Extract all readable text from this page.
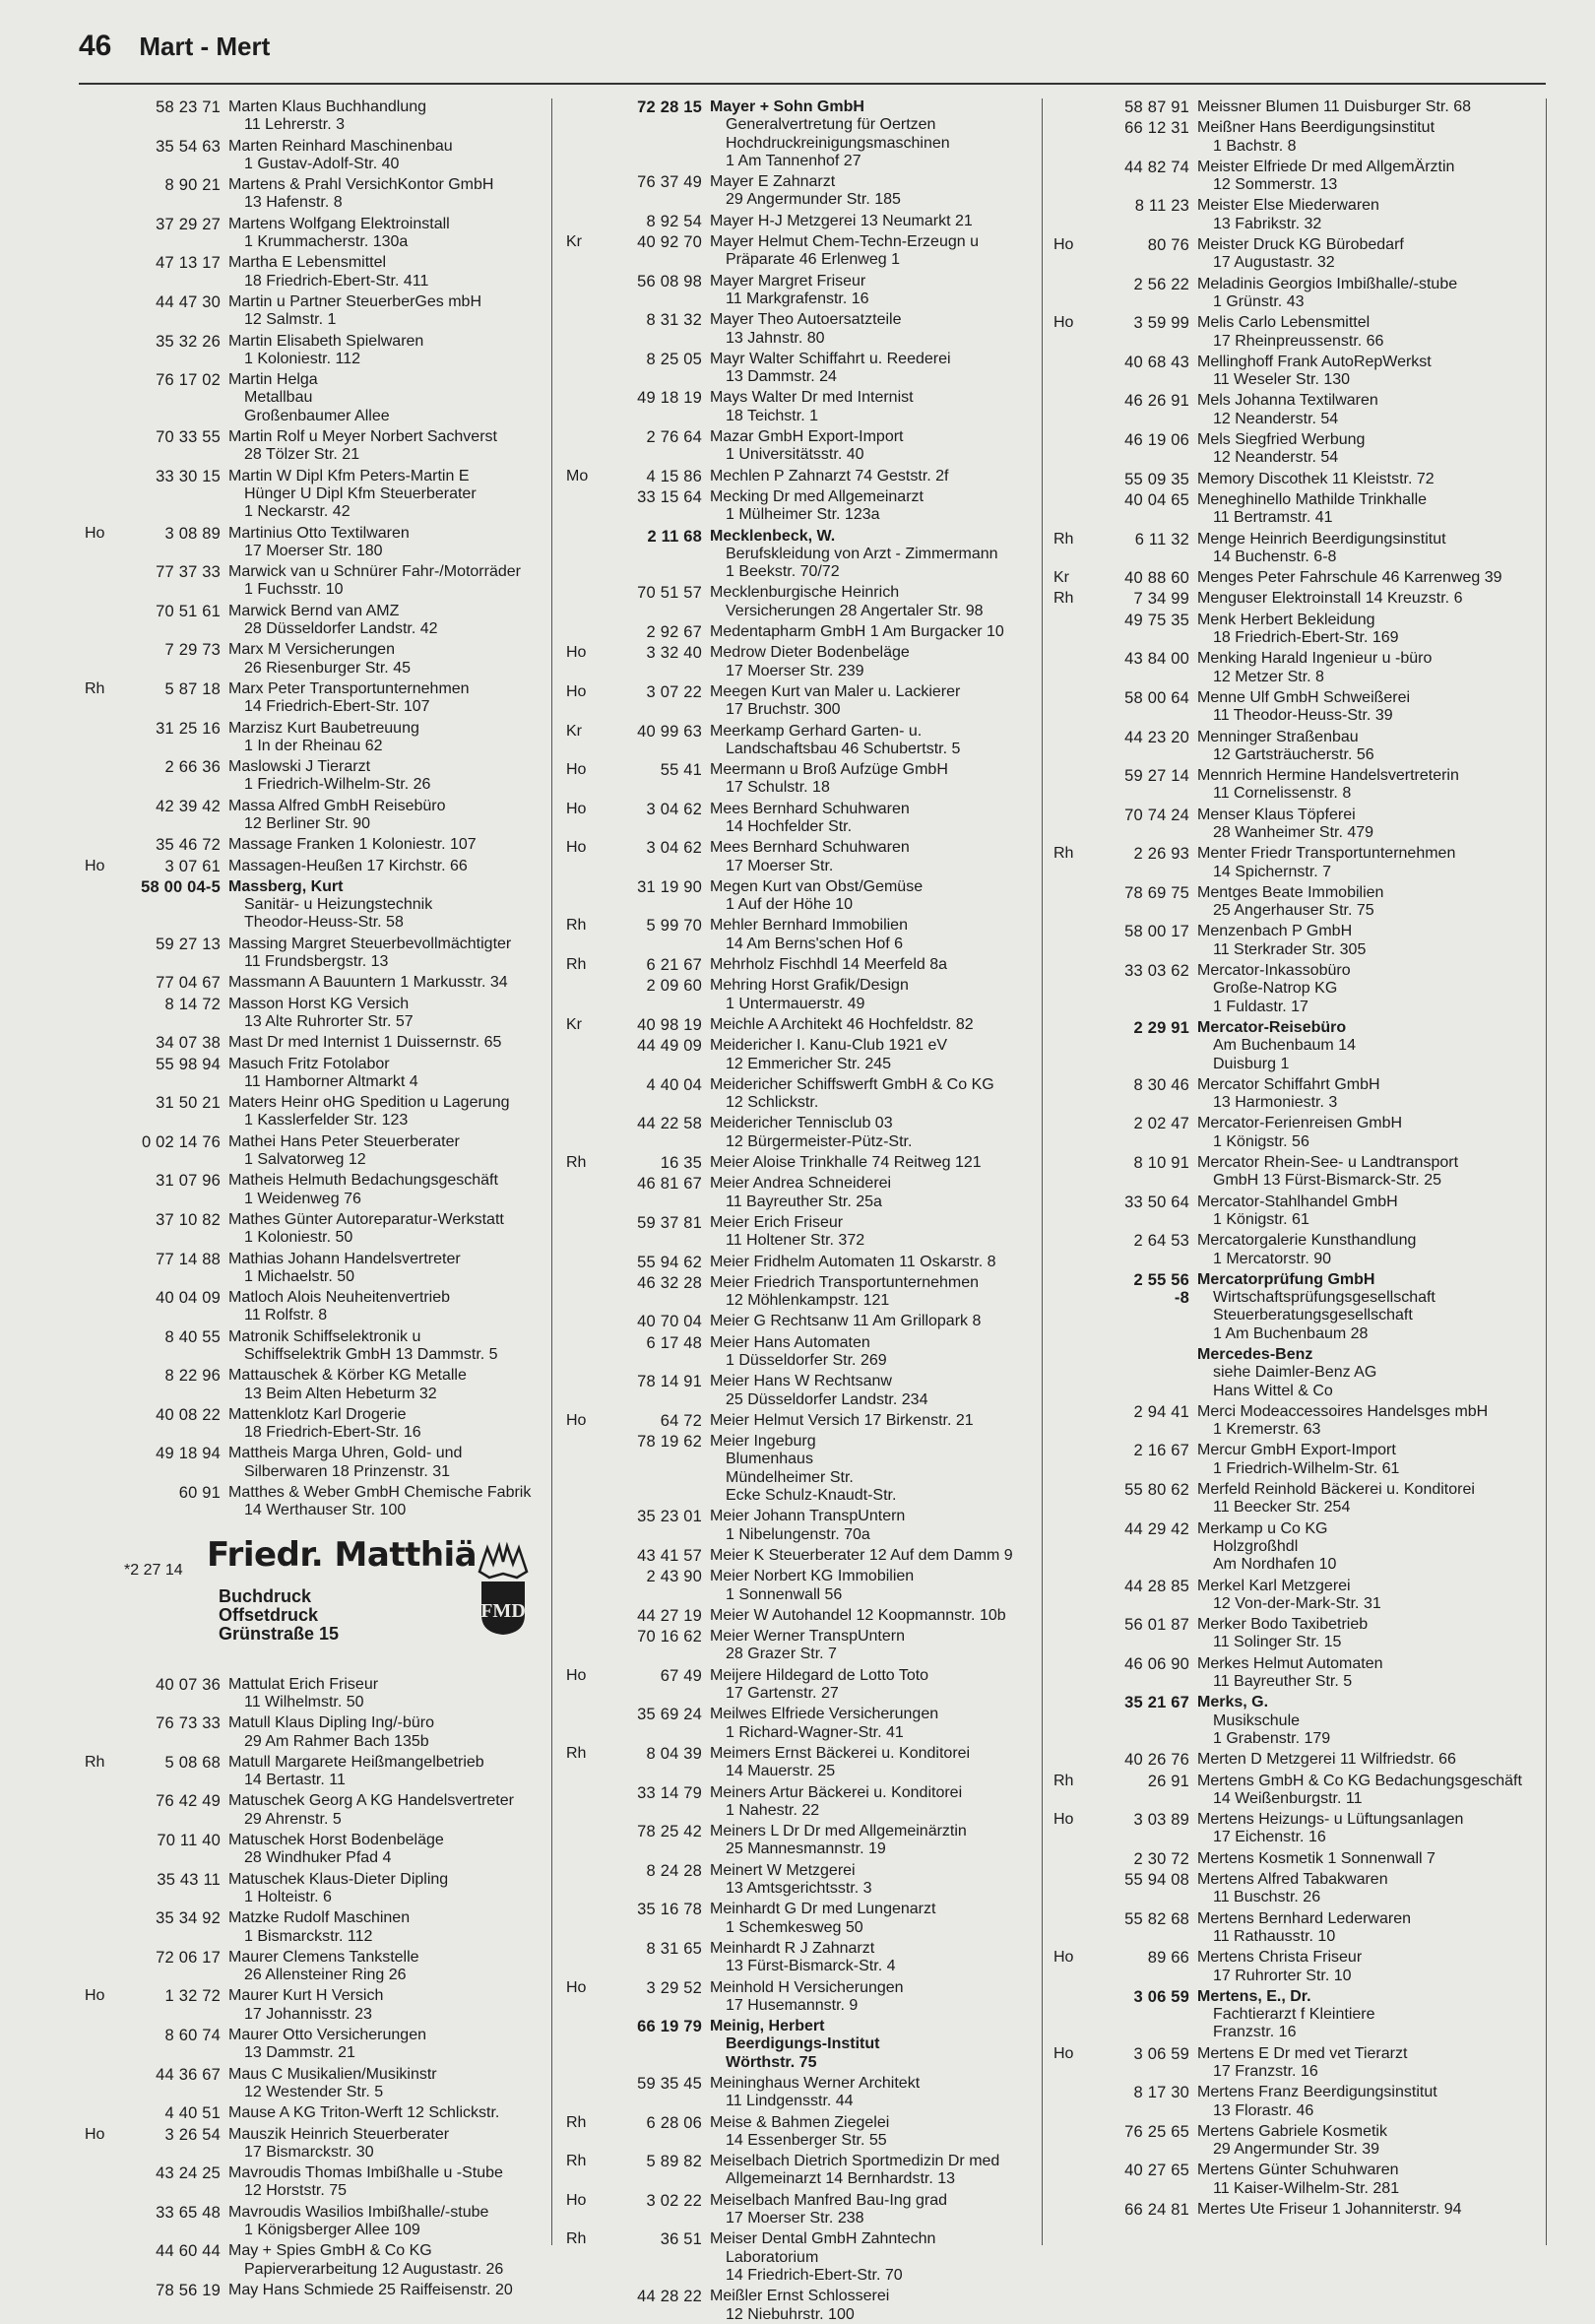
46 Mart - Mert
58 23 71 Marten Klaus Buchhandlung
11 Lehrerstr. 3
35 54 63 Marten Reinhard Maschinenbau
1 Gustav-Adolf-Str. 40
8 90 21 Martens & Prahl VersichKontor GmbH
13 Hafenstr. 8
37 29 27 Martens Wolfgang Elektroinstall
1 Krummacherstr. 130a
47 13 17 Martha E Lebensmittel
18 Friedrich-Ebert-Str. 411
44 47 30 Martin u Partner SteuerberGes mbH
12 Salmstr. 1
35 32 26 Martin Elisabeth Spielwaren
1 Koloniestr. 112
76 17 02 Martin Helga
Metallbau
Großenbaumer Allee
70 33 55 Martin Rolf u Meyer Norbert Sachverst
28 Tölzer Str. 21
33 30 15 Martin W Dipl Kfm Peters-Martin E
Hünger U Dipl Kfm Steuerberater
1 Neckarstr. 42
Ho	3 08 89 Martinius Otto Textilwaren
17 Moerser Str. 180
77 37 33 Marwick van u Schnürer Fahr-/Motorräder
1 Fuchsstr. 10
70 51 61 Marwick Bernd van AMZ
28 Düsseldorfer Landstr. 42
7 29 73 Marx M Versicherungen
26 Riesenburger Str. 45
Rh	5 87 18 Marx Peter Transportunternehmen
14 Friedrich-Ebert-Str. 107
31 25 16 Marzisz Kurt Baubetreuung
1 In der Rheinau 62
2 66 36 Maslowski J Tierarzt
1 Friedrich-Wilhelm-Str. 26
42 39 42 Massa Alfred GmbH Reisebüro
12 Berliner Str. 90
35 46 72 Massage Franken 1 Koloniestr. 107
Ho	3 07 61 Massagen-Heußen 17 Kirchstr. 66
58 00 04-5 Massberg, Kurt
Sanitär- u Heizungstechnik
Theodor-Heuss-Str. 58
59 27 13 Massing Margret Steuerbevollmächtigter
11 Frundsbergstr. 13
77 04 67 Massmann A Bauuntern 1 Markusstr. 34
8 14 72 Masson Horst KG Versich
13 Alte Ruhrorter Str. 57
34 07 38 Mast Dr med Internist 1 Duissernstr. 65
55 98 94 Masuch Fritz Fotolabor
11 Hamborner Altmarkt 4
31 50 21 Maters Heinr oHG Spedition u Lagerung
1 Kasslerfelder Str. 123
0 02 14 76 Mathei Hans Peter Steuerberater
1 Salvatorweg 12
31 07 96 Matheis Helmuth Bedachungsgeschäft
1 Weidenweg 76
37 10 82 Mathes Günter Autoreparatur-Werkstatt
1 Koloniestr. 50
77 14 88 Mathias Johann Handelsvertreter
1 Michaelstr. 50
40 04 09 Matloch Alois Neuheitenvertrieb
11 Rolfstr. 8
8 40 55 Matronik Schiffselektronik u
Schiffselektrik GmbH 13 Dammstr. 5
8 22 96 Mattauschek & Körber KG Metalle
13 Beim Alten Hebeturm 32
40 08 22 Mattenklotz Karl Drogerie
18 Friedrich-Ebert-Str. 16
49 18 94 Mattheis Marga Uhren, Gold- und
Silberwaren 18 Prinzenstr. 31
60 91 Matthes & Weber GmbH Chemische Fabrik
14 Werthauser Str. 100
*2 27 14 Friedr. Matthiä
Buchdruck
Offsetdruck
Grünstraße 15
FMD
40 07 36 Mattulat Erich Friseur
11 Wilhelmstr. 50
76 73 33 Matull Klaus Dipling Ing/-büro
29 Am Rahmer Bach 135b
Rh	5 08 68 Matull Margarete Heißmangelbetrieb
14 Bertastr. 11
76 42 49 Matuschek Georg A KG Handelsvertreter
29 Ahrenstr. 5
70 11 40 Matuschek Horst Bodenbeläge
28 Windhuker Pfad 4
35 43 11 Matuschek Klaus-Dieter Dipling
1 Holteistr. 6
35 34 92 Matzke Rudolf Maschinen
1 Bismarckstr. 112
72 06 17 Maurer Clemens Tankstelle
26 Allensteiner Ring 26
Ho	1 32 72 Maurer Kurt H Versich
17 Johannisstr. 23
8 60 74 Maurer Otto Versicherungen
13 Dammstr. 21
44 36 67 Maus C Musikalien/Musikinstr
12 Westender Str. 5
4 40 51 Mause A KG Triton-Werft 12 Schlickstr.
Ho	3 26 54 Mauszik Heinrich Steuerberater
17 Bismarckstr. 30
43 24 25 Mavroudis Thomas Imbißhalle u -Stube
12 Horststr. 75
33 65 48 Mavroudis Wasilios Imbißhalle/-stube
1 Königsberger Allee 109
44 60 44 May + Spies GmbH & Co KG
Papierverarbeitung 12 Augustastr. 26
78 56 19 May Hans Schmiede 25 Raiffeisenstr. 20
72 28 15 Mayer + Sohn GmbH
Generalvertretung für Oertzen
Hochdruckreinigungsmaschinen
1 Am Tannenhof 27
76 37 49 Mayer E Zahnarzt
29 Angermunder Str. 185
8 92 54 Mayer H-J Metzgerei 13 Neumarkt 21
Kr	40 92 70 Mayer Helmut Chem-Techn-Erzeugn u
Präparate 46 Erlenweg 1
56 08 98 Mayer Margret Friseur
11 Markgrafenstr. 16
8 31 32 Mayer Theo Autoersatzteile
13 Jahnstr. 80
8 25 05 Mayr Walter Schiffahrt u. Reederei
13 Dammstr. 24
49 18 19 Mays Walter Dr med Internist
18 Teichstr. 1
2 76 64 Mazar GmbH Export-Import
1 Universitätsstr. 40
Mo	4 15 86 Mechlen P Zahnarzt 74 Geststr. 2f
33 15 64 Mecking Dr med Allgemeinarzt
1 Mülheimer Str. 123a
2 11 68 Mecklenbeck, W.
Berufskleidung von Arzt - Zimmermann
1 Beekstr. 70/72
70 51 57 Mecklenburgische Heinrich
Versicherungen 28 Angertaler Str. 98
2 92 67 Medentapharm GmbH 1 Am Burgacker 10
Ho	3 32 40 Medrow Dieter Bodenbeläge
17 Moerser Str. 239
Ho	3 07 22 Meegen Kurt van Maler u. Lackierer
17 Bruchstr. 300
Kr	40 99 63 Meerkamp Gerhard Garten- u.
Landschaftsbau 46 Schubertstr. 5
Ho	55 41 Meermann u Broß Aufzüge GmbH
17 Schulstr. 18
Ho	3 04 62 Mees Bernhard Schuhwaren
14 Hochfelder Str.
Ho	3 04 62 Mees Bernhard Schuhwaren
17 Moerser Str.
31 19 90 Megen Kurt van Obst/Gemüse
1 Auf der Höhe 10
Rh	5 99 70 Mehler Bernhard Immobilien
14 Am Berns'schen Hof 6
Rh	6 21 67 Mehrholz Fischhdl 14 Meerfeld 8a
2 09 60 Mehring Horst Grafik/Design
1 Untermauerstr. 49
Kr	40 98 19 Meichle A Architekt 46 Hochfeldstr. 82
44 49 09 Meidericher I. Kanu-Club 1921 eV
12 Emmericher Str. 245
4 40 04 Meidericher Schiffswerft GmbH & Co KG
12 Schlickstr.
44 22 58 Meidericher Tennisclub 03
12 Bürgermeister-Pütz-Str.
Rh	16 35 Meier Aloise Trinkhalle 74 Reitweg 121
46 81 67 Meier Andrea Schneiderei
11 Bayreuther Str. 25a
59 37 81 Meier Erich Friseur
11 Holtener Str. 372
55 94 62 Meier Fridhelm Automaten 11 Oskarstr. 8
46 32 28 Meier Friedrich Transportunternehmen
12 Möhlenkampstr. 121
40 70 04 Meier G Rechtsanw 11 Am Grillopark 8
6 17 48 Meier Hans Automaten
1 Düsseldorfer Str. 269
78 14 91 Meier Hans W Rechtsanw
25 Düsseldorfer Landstr. 234
Ho	64 72 Meier Helmut Versich 17 Birkenstr. 21
78 19 62 Meier Ingeburg
Blumenhaus
Mündelheimer Str.
Ecke Schulz-Knaudt-Str.
35 23 01 Meier Johann TranspUntern
1 Nibelungenstr. 70a
43 41 57 Meier K Steuerberater 12 Auf dem Damm 9
2 43 90 Meier Norbert KG Immobilien
1 Sonnenwall 56
44 27 19 Meier W Autohandel 12 Koopmannstr. 10b
70 16 62 Meier Werner TranspUntern
28 Grazer Str. 7
Ho	67 49 Meijere Hildegard de Lotto Toto
17 Gartenstr. 27
35 69 24 Meilwes Elfriede Versicherungen
1 Richard-Wagner-Str. 41
Rh	8 04 39 Meimers Ernst Bäckerei u. Konditorei
14 Mauerstr. 25
33 14 79 Meiners Artur Bäckerei u. Konditorei
1 Nahestr. 22
78 25 42 Meiners L Dr Dr med Allgemeinärztin
25 Mannesmannstr. 19
8 24 28 Meinert W Metzgerei
13 Amtsgerichtsstr. 3
35 16 78 Meinhardt G Dr med Lungenarzt
1 Schemkesweg 50
8 31 65 Meinhardt R J Zahnarzt
13 Fürst-Bismarck-Str. 4
Ho	3 29 52 Meinhold H Versicherungen
17 Husemannstr. 9
66 19 79 Meinig, Herbert
Beerdigungs-Institut
Wörthstr. 75
59 35 45 Meininghaus Werner Architekt
11 Lindgensstr. 44
Rh	6 28 06 Meise & Bahmen Ziegelei
14 Essenberger Str. 55
Rh	5 89 82 Meiselbach Dietrich Sportmedizin Dr med
Allgemeinarzt 14 Bernhardstr. 13
Ho	3 02 22 Meiselbach Manfred Bau-Ing grad
17 Moerser Str. 238
Rh	36 51 Meiser Dental GmbH Zahntechn
Laboratorium
14 Friedrich-Ebert-Str. 70
44 28 22 Meißler Ernst Schlosserei
12 Niebuhrstr. 100
58 87 91 Meissner Blumen 11 Duisburger Str. 68
66 12 31 Meißner Hans Beerdigungsinstitut
1 Bachstr. 8
44 82 74 Meister Elfriede Dr med AllgemÄrztin
12 Sommerstr. 13
8 11 23 Meister Else Miederwaren
13 Fabrikstr. 32
Ho	80 76 Meister Druck KG Bürobedarf
17 Augustastr. 32
2 56 22 Meladinis Georgios Imbißhalle/-stube
1 Grünstr. 43
Ho	3 59 99 Melis Carlo Lebensmittel
17 Rheinpreussenstr. 66
40 68 43 Mellinghoff Frank AutoRepWerkst
11 Weseler Str. 130
46 26 91 Mels Johanna Textilwaren
12 Neanderstr. 54
46 19 06 Mels Siegfried Werbung
12 Neanderstr. 54
55 09 35 Memory Discothek 11 Kleiststr. 72
40 04 65 Meneghinello Mathilde Trinkhalle
11 Bertramstr. 41
Rh	6 11 32 Menge Heinrich Beerdigungsinstitut
14 Buchenstr. 6-8
Kr	40 88 60 Menges Peter Fahrschule 46 Karrenweg 39
Rh	7 34 99 Menguser Elektroinstall 14 Kreuzstr. 6
49 75 35 Menk Herbert Bekleidung
18 Friedrich-Ebert-Str. 169
43 84 00 Menking Harald Ingenieur u -büro
12 Metzer Str. 8
58 00 64 Menne Ulf GmbH Schweißerei
11 Theodor-Heuss-Str. 39
44 23 20 Menninger Straßenbau
12 Gartsträucherstr. 56
59 27 14 Mennrich Hermine Handelsvertreterin
11 Cornelissenstr. 8
70 74 24 Menser Klaus Töpferei
28 Wanheimer Str. 479
Rh	2 26 93 Menter Friedr Transportunternehmen
14 Spichernstr. 7
78 69 75 Mentges Beate Immobilien
25 Angerhauser Str. 75
58 00 17 Menzenbach P GmbH
11 Sterkrader Str. 305
33 03 62 Mercator-Inkassobüro
Große-Natrop KG
1 Fuldastr. 17
2 29 91 Mercator-Reisebüro
Am Buchenbaum 14
Duisburg 1
8 30 46 Mercator Schiffahrt GmbH
13 Harmoniestr. 3
2 02 47 Mercator-Ferienreisen GmbH
1 Königstr. 56
8 10 91 Mercator Rhein-See- u Landtransport
GmbH 13 Fürst-Bismarck-Str. 25
33 50 64 Mercator-Stahlhandel GmbH
1 Königstr. 61
2 64 53 Mercatorgalerie Kunsthandlung
1 Mercatorstr. 90
2 55 56 Mercatorprüfung GmbH
-8	Wirtschaftsprüfungsgesellschaft
Steuerberatungsgesellschaft
1 Am Buchenbaum 28
Mercedes-Benz
siehe Daimler-Benz AG
Hans Wittel & Co
2 94 41 Merci Modeaccessoires Handelsges mbH
1 Kremerstr. 63
2 16 67 Mercur GmbH Export-Import
1 Friedrich-Wilhelm-Str. 61
55 80 62 Merfeld Reinhold Bäckerei u. Konditorei
11 Beecker Str. 254
44 29 42 Merkamp u Co KG
Holzgroßhdl
Am Nordhafen 10
44 28 85 Merkel Karl Metzgerei
12 Von-der-Mark-Str. 31
56 01 87 Merker Bodo Taxibetrieb
11 Solinger Str. 15
46 06 90 Merkes Helmut Automaten
11 Bayreuther Str. 5
35 21 67 Merks, G.
Musikschule
1 Grabenstr. 179
40 26 76 Merten D Metzgerei 11 Wilfriedstr. 66
Rh	26 91 Mertens GmbH & Co KG Bedachungsgeschäft
14 Weißenburgstr. 11
Ho	3 03 89 Mertens Heizungs- u Lüftungsanlagen
17 Eichenstr. 16
2 30 72 Mertens Kosmetik 1 Sonnenwall 7
55 94 08 Mertens Alfred Tabakwaren
11 Buschstr. 26
55 82 68 Mertens Bernhard Lederwaren
11 Rathausstr. 10
Ho	89 66 Mertens Christa Friseur
17 Ruhrorter Str. 10
3 06 59 Mertens, E., Dr.
Fachtierarzt f Kleintiere
Franzstr. 16
Ho	3 06 59 Mertens E Dr med vet Tierarzt
17 Franzstr. 16
8 17 30 Mertens Franz Beerdigungsinstitut
13 Florastr. 46
76 25 65 Mertens Gabriele Kosmetik
29 Angermunder Str. 39
40 27 65 Mertens Günter Schuhwaren
11 Kaiser-Wilhelm-Str. 281
66 24 81 Mertes Ute Friseur 1 Johanniterstr. 94
